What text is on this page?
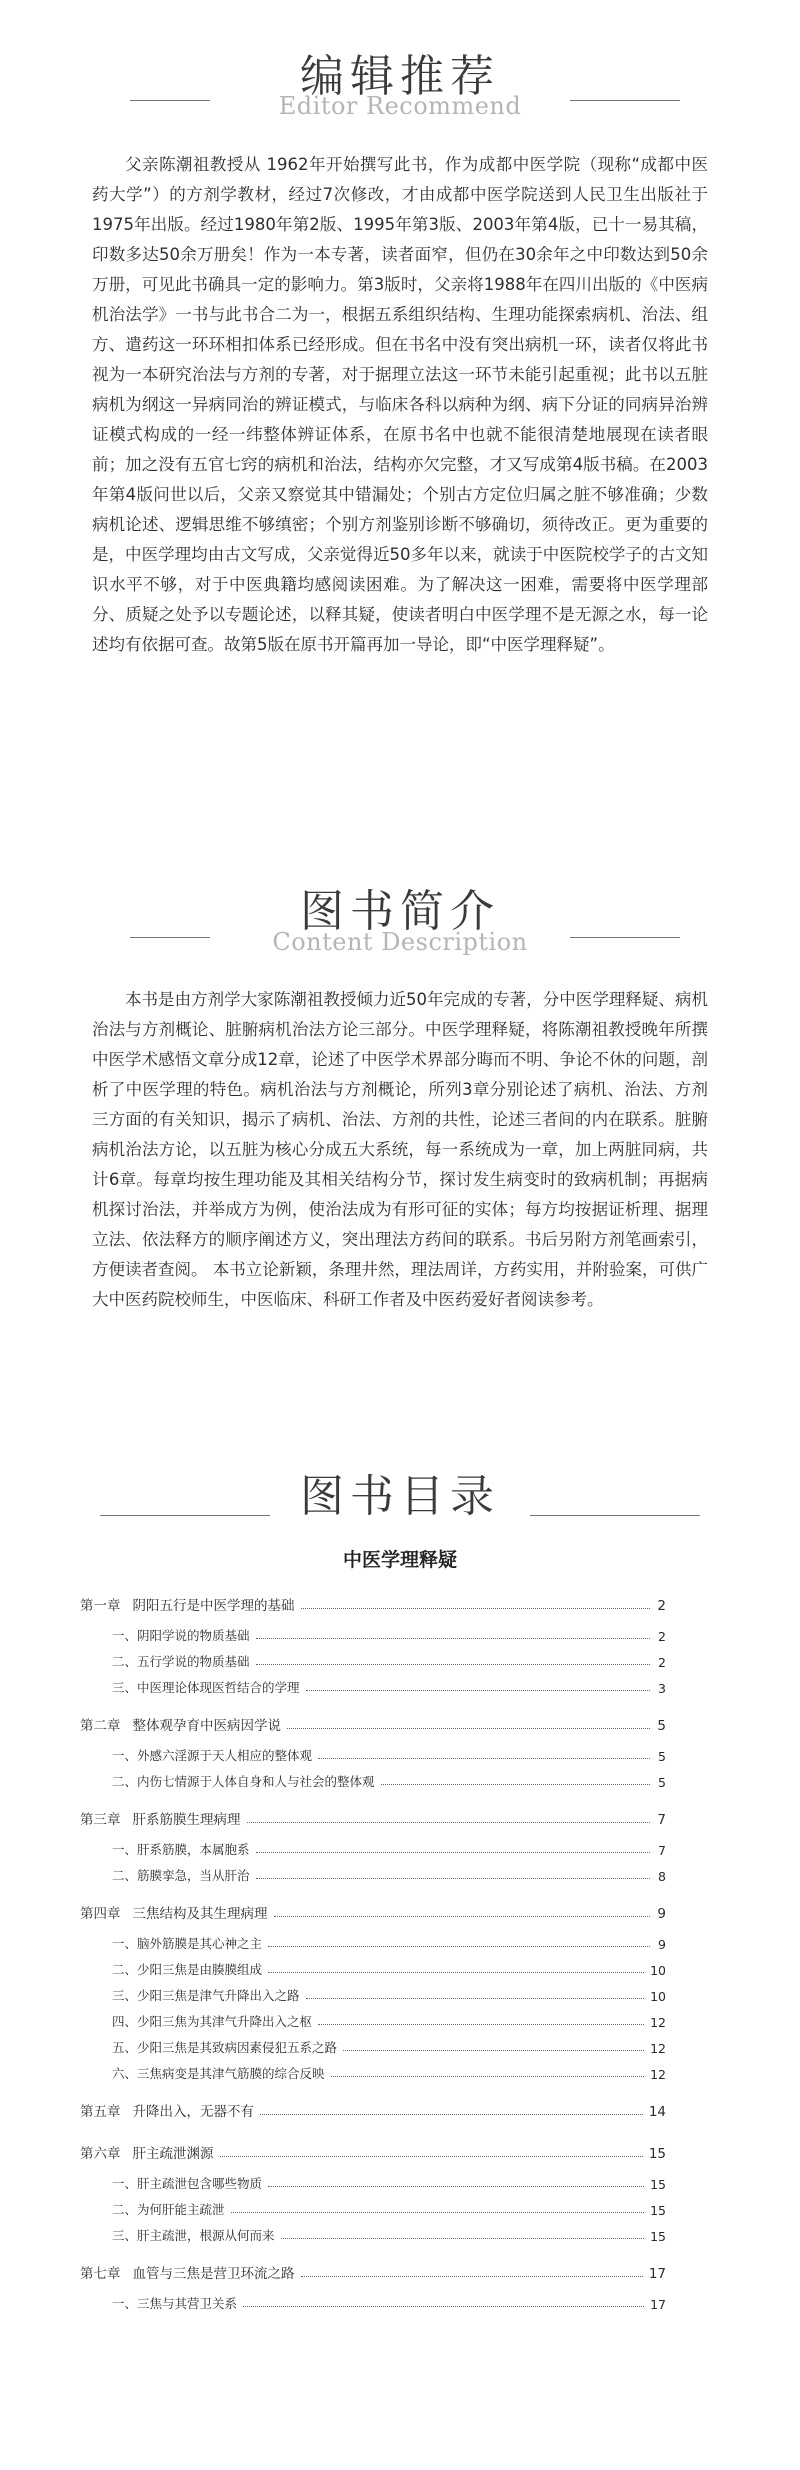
编辑推荐
Editor Recommend
父亲陈潮祖教授从 1962年开始撰写此书，作为成都中医学院（现称“成都中医药大学”）的方剂学教材，经过7次修改，才由成都中医学院送到人民卫生出版社于1975年出版。经过1980年第2版、1995年第3版、2003年第4版，已十一易其稿，印数多达50余万册矣！作为一本专著，读者面窄，但仍在30余年之中印数达到50余万册，可见此书确具一定的影响力。第3版时，父亲将1988年在四川出版的《中医病机治法学》一书与此书合二为一，根据五系组织结构、生理功能探索病机、治法、组方、遣药这一环环相扣体系已经形成。但在书名中没有突出病机一环，读者仅将此书视为一本研究治法与方剂的专著，对于据理立法这一环节未能引起重视；此书以五脏病机为纲这一异病同治的辨证模式，与临床各科以病种为纲、病下分证的同病异治辨证模式构成的一经一纬整体辨证体系，在原书名中也就不能很清楚地展现在读者眼前；加之没有五官七窍的病机和治法，结构亦欠完整，才又写成第4版书稿。在2003年第4版问世以后，父亲又察觉其中错漏处；个别古方定位归属之脏不够准确；少数病机论述、逻辑思维不够缜密；个别方剂鉴别诊断不够确切，须待改正。更为重要的是，中医学理均由古文写成，父亲觉得近50多年以来，就读于中医院校学子的古文知识水平不够，对于中医典籍均感阅读困难。为了解决这一困难，需要将中医学理部分、质疑之处予以专题论述，以释其疑，使读者明白中医学理不是无源之水，每一论述均有依据可查。故第5版在原书开篇再加一导论，即“中医学理释疑”。
图书简介
Content Description
本书是由方剂学大家陈潮祖教授倾力近50年完成的专著，分中医学理释疑、病机治法与方剂概论、脏腑病机治法方论三部分。中医学理释疑，将陈潮祖教授晚年所撰中医学术感悟文章分成12章，论述了中医学术界部分晦而不明、争论不休的问题，剖析了中医学理的特色。病机治法与方剂概论，所列3章分别论述了病机、治法、方剂三方面的有关知识，揭示了病机、治法、方剂的共性，论述三者间的内在联系。脏腑病机治法方论，以五脏为核心分成五大系统，每一系统成为一章，加上两脏同病，共计6章。每章均按生理功能及其相关结构分节，探讨发生病变时的致病机制；再据病机探讨治法，并举成方为例，使治法成为有形可征的实体；每方均按据证析理、据理立法、依法释方的顺序阐述方义，突出理法方药间的联系。书后另附方剂笔画索引，方便读者查阅。 本书立论新颖，条理井然，理法周详，方药实用，并附验案，可供广大中医药院校师生，中医临床、科研工作者及中医药爱好者阅读参考。
图书目录
中医学理释疑
第一章 阴阳五行是中医学理的基础	2
一、阴阳学说的物质基础	2
二、五行学说的物质基础	2
三、中医理论体现医哲结合的学理	3
第二章 整体观孕育中医病因学说	5
一、外感六淫源于天人相应的整体观	5
二、内伤七情源于人体自身和人与社会的整体观	5
第三章 肝系筋膜生理病理	7
一、肝系筋膜，本属胞系	7
二、筋膜挛急，当从肝治	8
第四章 三焦结构及其生理病理	9
一、脑外筋膜是其心神之主	9
二、少阳三焦是由腠膜组成	10
三、少阳三焦是津气升降出入之路	10
四、少阳三焦为其津气升降出入之枢	12
五、少阳三焦是其致病因素侵犯五系之路	12
六、三焦病变是其津气筋膜的综合反映	12
第五章 升降出入，无器不有	14
第六章 肝主疏泄渊源	15
一、肝主疏泄包含哪些物质	15
二、为何肝能主疏泄	15
三、肝主疏泄，根源从何而来	15
第七章 血管与三焦是营卫环流之路	17
一、三焦与其营卫关系	17
